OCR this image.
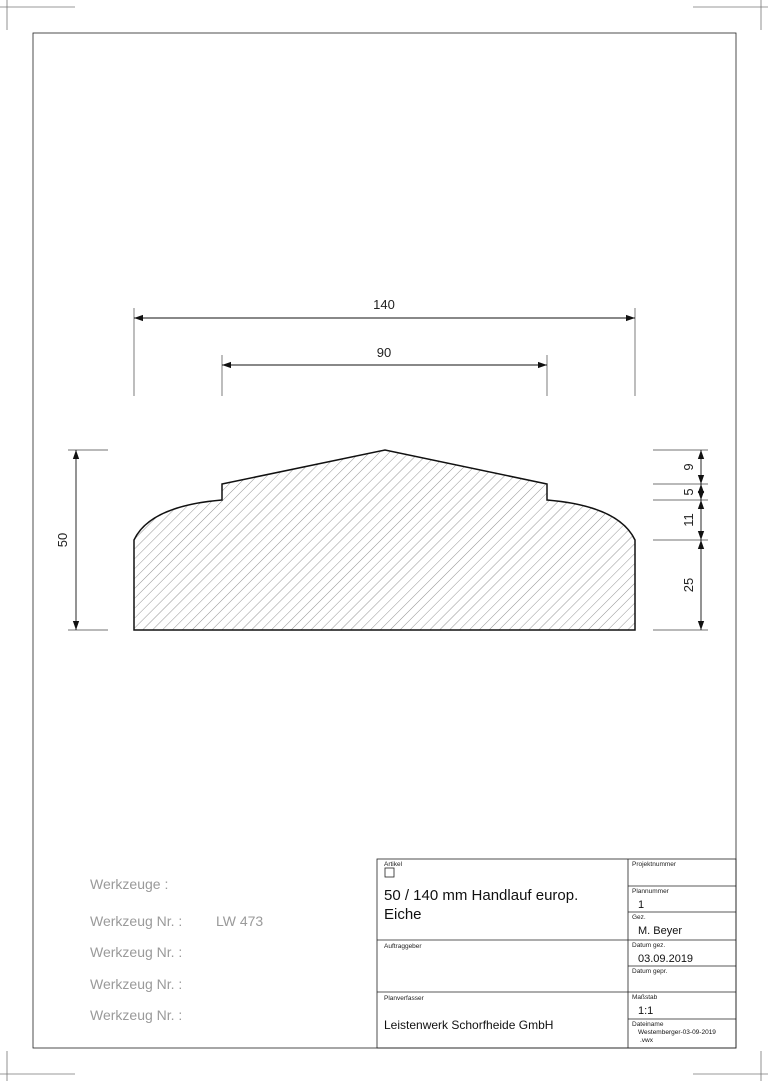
140
90
50
9
5
11
25
Werkzeuge :
Werkzeug Nr. : LW 473
Werkzeug Nr. :
Werkzeug Nr. :
Werkzeug Nr. :
Artikel
50 / 140 mm Handlauf europ.
Eiche
Auftraggeber
Planverfasser
Leistenwerk Schorfheide GmbH
Projektnummer
Plannummer
1
Gez.
M. Beyer
Datum gez.
03.09.2019
Datum gepr.
Maßstab
1:1
Dateiname
Westemberger-03-09-2019
.vwx
